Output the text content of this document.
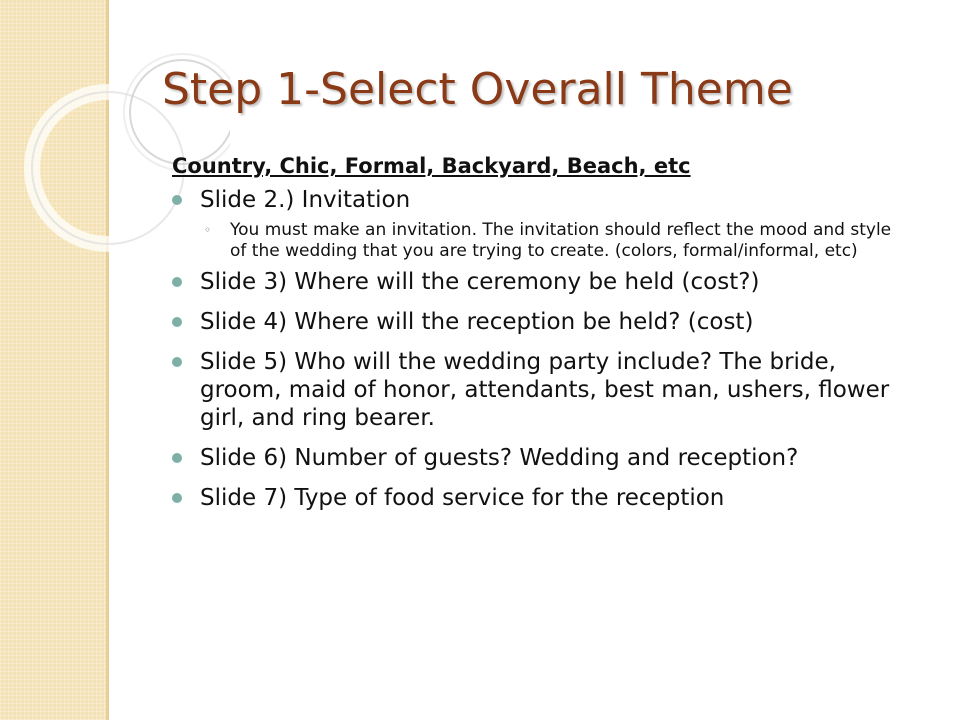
Step 1-Select Overall Theme
Country, Chic, Formal, Backyard, Beach, etc
Slide 2.) Invitation
◦ You must make an invitation. The invitation should reflect the mood and style of the wedding that you are trying to create. (colors, formal/informal, etc)
Slide 3) Where will the ceremony be held (cost?)
Slide 4) Where will the reception be held? (cost)
Slide 5) Who will the wedding party include? The bride, groom, maid of honor, attendants, best man, ushers, flower girl, and ring bearer.
Slide 6) Number of guests? Wedding and reception?
Slide 7) Type of food service for the reception
